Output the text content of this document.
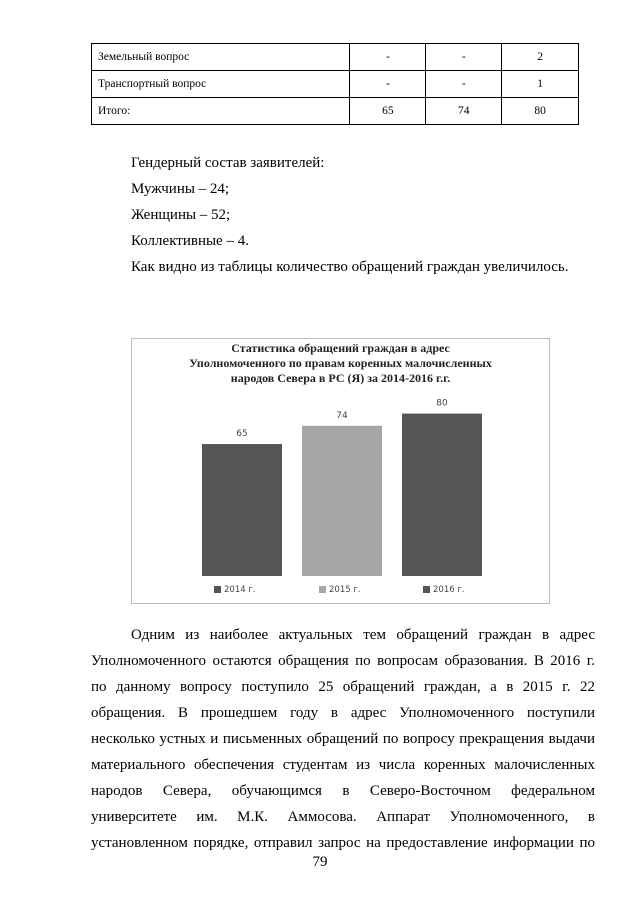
Земельный вопрос	-	-	2
Транспортный вопрос	-	-	1
Итого:	65	74	80
Гендерный состав заявителей:
Мужчины – 24;
Женщины – 52;
Коллективные – 4.
Как видно из таблицы количество обращений граждан увеличилось.
65
74
80
Статистика обращений граждан в адрес
Уполномоченного по правам коренных малочисленных
народов Севера в РС (Я) за 2014-2016 г.г.
2014 г.	2015 г.	2016 г.
Одним из наиболее актуальных тем обращений граждан в адрес
Уполномоченного остаются обращения по вопросам образования. В 2016 г.
по данному вопросу поступило 25 обращений граждан, а в 2015 г. 22
обращения. В прошедшем году в адрес Уполномоченного поступили
несколько устных и письменных обращений по вопросу прекращения выдачи
материального обеспечения студентам из числа коренных малочисленных
народов Севера, обучающимся в Северо-Восточном федеральном
университете им. М.К. Аммосова. Аппарат Уполномоченного, в
установленном порядке, отправил запрос на предоставление информации по
79
